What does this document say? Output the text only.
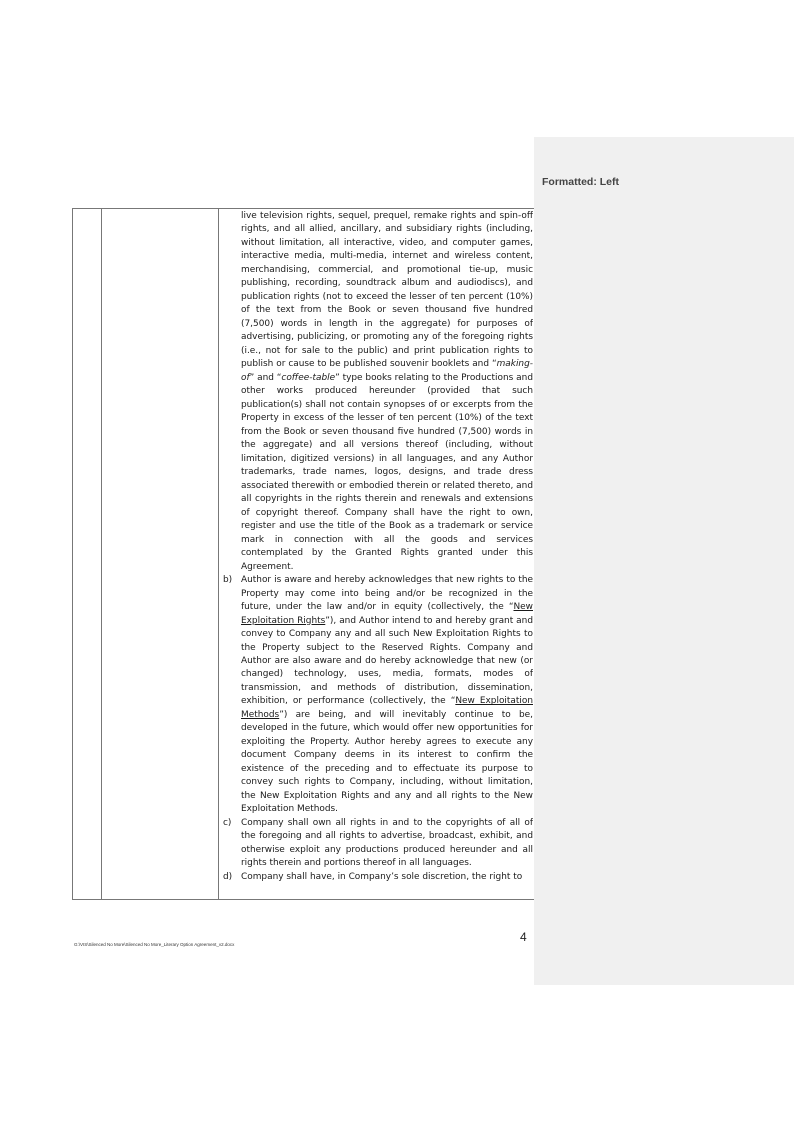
Formatted: Left

live television rights, sequel, prequel, remake rights and spin-off rights, and all allied, ancillary, and subsidiary rights (including, without limitation, all interactive, video, and computer games, interactive media, multi-media, internet and wireless content, merchandising, commercial, and promotional tie-up, music publishing, recording, soundtrack album and audiodiscs), and publication rights (not to exceed the lesser of ten percent (10%) of the text from the Book or seven thousand five hundred (7,500) words in length in the aggregate) for purposes of advertising, publicizing, or promoting any of the foregoing rights (i.e., not for sale to the public) and print publication rights to publish or cause to be published souvenir booklets and “making-of” and “coffee-table” type books relating to the Productions and other works produced hereunder (provided that such publication(s) shall not contain synopses of or excerpts from the Property in excess of the lesser of ten percent (10%) of the text from the Book or seven thousand five hundred (7,500) words in the aggregate) and all versions thereof (including, without limitation, digitized versions) in all languages, and any Author trademarks, trade names, logos, designs, and trade dress associated therewith or embodied therein or related thereto, and all copyrights in the rights therein and renewals and extensions of copyright thereof. Company shall have the right to own, register and use the title of the Book as a trademark or service mark in connection with all the goods and services contemplated by the Granted Rights granted under this Agreement.

b) Author is aware and hereby acknowledges that new rights to the Property may come into being and/or be recognized in the future, under the law and/or in equity (collectively, the “New Exploitation Rights”), and Author intend to and hereby grant and convey to Company any and all such New Exploitation Rights to the Property subject to the Reserved Rights. Company and Author are also aware and do hereby acknowledge that new (or changed) technology, uses, media, formats, modes of transmission, and methods of distribution, dissemination, exhibition, or performance (collectively, the “New Exploitation Methods”) are being, and will inevitably continue to be, developed in the future, which would offer new opportunities for exploiting the Property. Author hereby agrees to execute any document Company deems in its interest to confirm the existence of the preceding and to effectuate its purpose to convey such rights to Company, including, without limitation, the New Exploitation Rights and any and all rights to the New Exploitation Methods.

c) Company shall own all rights in and to the copyrights of all of the foregoing and all rights to advertise, broadcast, exhibit, and otherwise exploit any productions produced hereunder and all rights therein and portions thereof in all languages.

d) Company shall have, in Company’s sole discretion, the right to

4
G:\VIS\Silenced No More\Silenced No More_Literary Option Agreement_v2.docx
